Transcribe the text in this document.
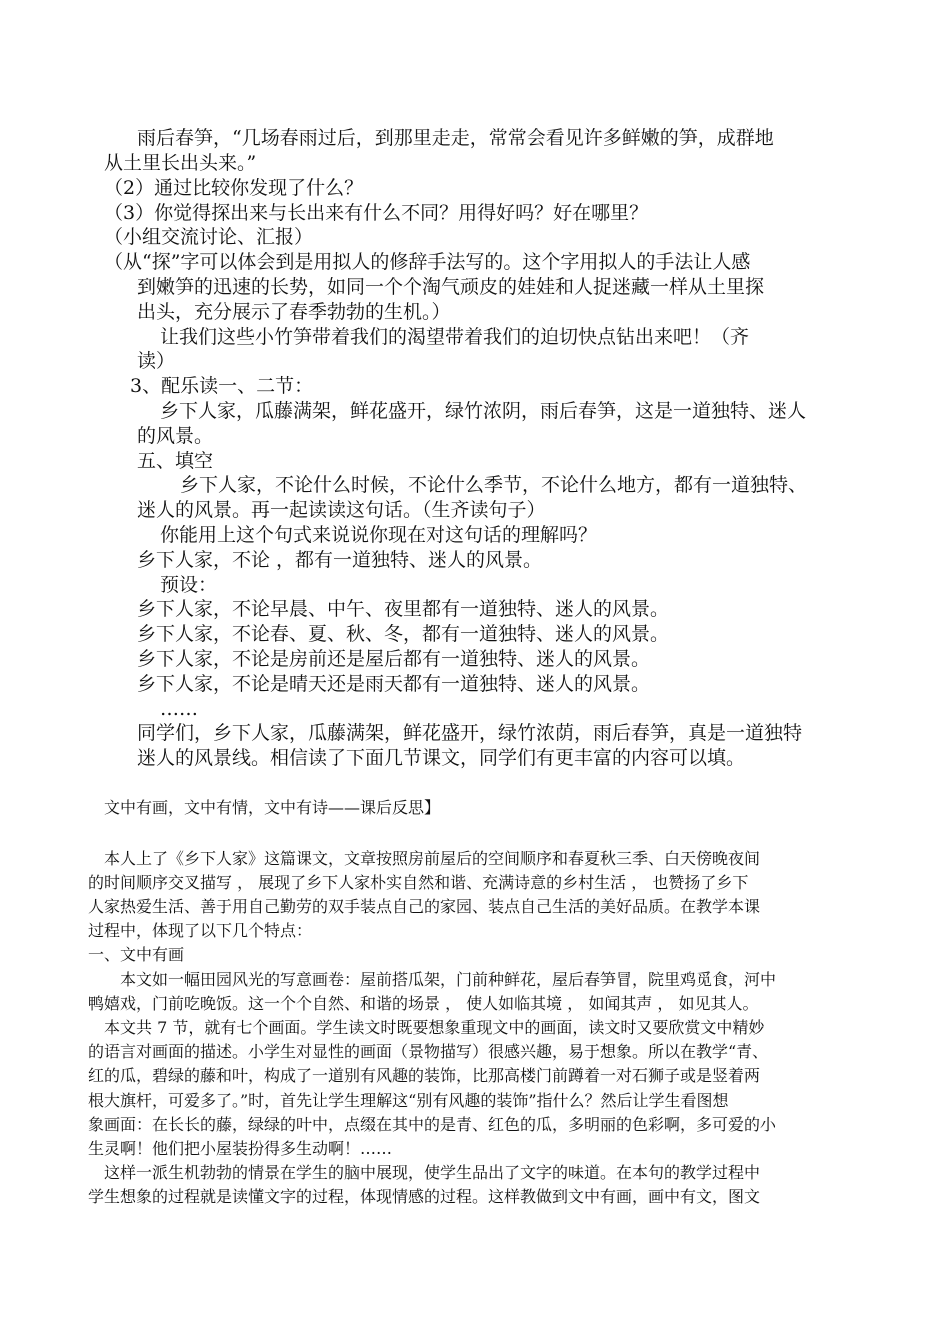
雨后春笋，“几场春雨过后，到那里走走，常常会看见许多鲜嫩的笋，成群地
从土里长出头来。”
（2）通过比较你发现了什么？
（3）你觉得探出来与长出来有什么不同？用得好吗？好在哪里？
（小组交流讨论、汇报）
（从“探”字可以体会到是用拟人的修辞手法写的。这个字用拟人的手法让人感
到嫩笋的迅速的长势，如同一个个淘气顽皮的娃娃和人捉迷藏一样从土里探
出头，充分展示了春季勃勃的生机。）
让我们这些小竹笋带着我们的渴望带着我们的迫切快点钻出来吧！（齐
读）
3、配乐读一、二节：
乡下人家，瓜藤满架，鲜花盛开，绿竹浓阴，雨后春笋，这是一道独特、迷人
的风景。
五、填空
乡下人家，不论什么时候，不论什么季节，不论什么地方，都有一道独特、
迷人的风景。再一起读读这句话。（生齐读句子）
你能用上这个句式来说说你现在对这句话的理解吗？
乡下人家，不论 ，都有一道独特、迷人的风景。
预设：
乡下人家，不论早晨、中午、夜里都有一道独特、迷人的风景。
乡下人家，不论春、夏、秋、冬，都有一道独特、迷人的风景。
乡下人家，不论是房前还是屋后都有一道独特、迷人的风景。
乡下人家，不论是晴天还是雨天都有一道独特、迷人的风景。
……
同学们，乡下人家，瓜藤满架，鲜花盛开，绿竹浓荫，雨后春笋，真是一道独特
迷人的风景线。相信读了下面几节课文，同学们有更丰富的内容可以填。
文中有画，文中有情，文中有诗——课后反思】
本人上了《乡下人家》这篇课文，文章按照房前屋后的空间顺序和春夏秋三季、白天傍晚夜间
的时间顺序交叉描写 ， 展现了乡下人家朴实自然和谐、充满诗意的乡村生活 ， 也赞扬了乡下
人家热爱生活、善于用自己勤劳的双手装点自己的家园、装点自己生活的美好品质。在教学本课
过程中，体现了以下几个特点：
一、文中有画
本文如一幅田园风光的写意画卷：屋前搭瓜架，门前种鲜花，屋后春笋冒，院里鸡觅食，河中
鸭嬉戏，门前吃晚饭。这一个个自然、和谐的场景 ， 使人如临其境 ， 如闻其声 ， 如见其人。
本文共 7 节，就有七个画面。学生读文时既要想象重现文中的画面，读文时又要欣赏文中精妙
的语言对画面的描述。小学生对显性的画面（景物描写）很感兴趣，易于想象。所以在教学“青、
红的瓜，碧绿的藤和叶，构成了一道别有风趣的装饰，比那高楼门前蹲着一对石狮子或是竖着两
根大旗杆，可爱多了。”时，首先让学生理解这“别有风趣的装饰”指什么？然后让学生看图想
象画面：在长长的藤，绿绿的叶中，点缀在其中的是青、红色的瓜，多明丽的色彩啊，多可爱的小
生灵啊！他们把小屋装扮得多生动啊！……
这样一派生机勃勃的情景在学生的脑中展现，使学生品出了文字的味道。在本句的教学过程中
学生想象的过程就是读懂文字的过程，体现情感的过程。这样教做到文中有画，画中有文，图文
